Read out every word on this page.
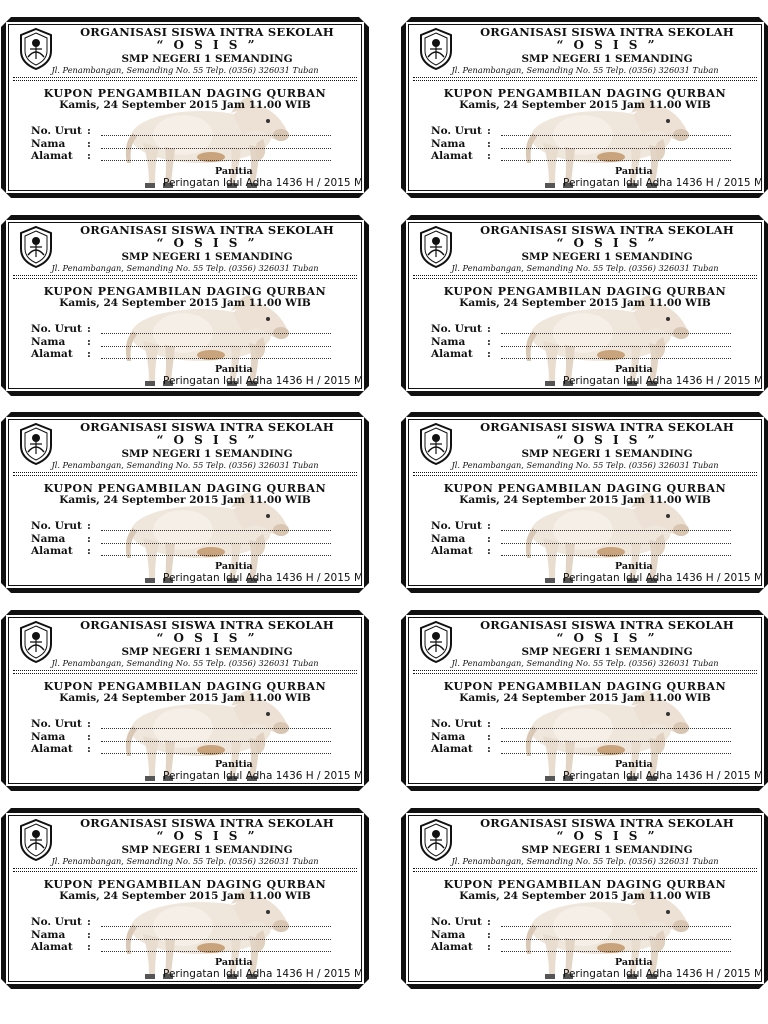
ORGANISASI SISWA INTRA SEKOLAH
“ O S I S ”
SMP NEGERI 1 SEMANDING
Jl. Penambangan, Semanding No. 55 Telp. (0356) 326031 Tuban
KUPON PENGAMBILAN DAGING QURBAN
Kamis, 24 September 2015 Jam 11.00 WIB
No. Urut :
Nama :
Alamat :
Panitia
Peringatan Idul Adha 1436 H / 2015 M
ORGANISASI SISWA INTRA SEKOLAH
“ O S I S ”
SMP NEGERI 1 SEMANDING
Jl. Penambangan, Semanding No. 55 Telp. (0356) 326031 Tuban
KUPON PENGAMBILAN DAGING QURBAN
Kamis, 24 September 2015 Jam 11.00 WIB
No. Urut :
Nama :
Alamat :
Panitia
Peringatan Idul Adha 1436 H / 2015 M
ORGANISASI SISWA INTRA SEKOLAH
“ O S I S ”
SMP NEGERI 1 SEMANDING
Jl. Penambangan, Semanding No. 55 Telp. (0356) 326031 Tuban
KUPON PENGAMBILAN DAGING QURBAN
Kamis, 24 September 2015 Jam 11.00 WIB
No. Urut :
Nama :
Alamat :
Panitia
Peringatan Idul Adha 1436 H / 2015 M
ORGANISASI SISWA INTRA SEKOLAH
“ O S I S ”
SMP NEGERI 1 SEMANDING
Jl. Penambangan, Semanding No. 55 Telp. (0356) 326031 Tuban
KUPON PENGAMBILAN DAGING QURBAN
Kamis, 24 September 2015 Jam 11.00 WIB
No. Urut :
Nama :
Alamat :
Panitia
Peringatan Idul Adha 1436 H / 2015 M
ORGANISASI SISWA INTRA SEKOLAH
“ O S I S ”
SMP NEGERI 1 SEMANDING
Jl. Penambangan, Semanding No. 55 Telp. (0356) 326031 Tuban
KUPON PENGAMBILAN DAGING QURBAN
Kamis, 24 September 2015 Jam 11.00 WIB
No. Urut :
Nama :
Alamat :
Panitia
Peringatan Idul Adha 1436 H / 2015 M
ORGANISASI SISWA INTRA SEKOLAH
“ O S I S ”
SMP NEGERI 1 SEMANDING
Jl. Penambangan, Semanding No. 55 Telp. (0356) 326031 Tuban
KUPON PENGAMBILAN DAGING QURBAN
Kamis, 24 September 2015 Jam 11.00 WIB
No. Urut :
Nama :
Alamat :
Panitia
Peringatan Idul Adha 1436 H / 2015 M
ORGANISASI SISWA INTRA SEKOLAH
“ O S I S ”
SMP NEGERI 1 SEMANDING
Jl. Penambangan, Semanding No. 55 Telp. (0356) 326031 Tuban
KUPON PENGAMBILAN DAGING QURBAN
Kamis, 24 September 2015 Jam 11.00 WIB
No. Urut :
Nama :
Alamat :
Panitia
Peringatan Idul Adha 1436 H / 2015 M
ORGANISASI SISWA INTRA SEKOLAH
“ O S I S ”
SMP NEGERI 1 SEMANDING
Jl. Penambangan, Semanding No. 55 Telp. (0356) 326031 Tuban
KUPON PENGAMBILAN DAGING QURBAN
Kamis, 24 September 2015 Jam 11.00 WIB
No. Urut :
Nama :
Alamat :
Panitia
Peringatan Idul Adha 1436 H / 2015 M
ORGANISASI SISWA INTRA SEKOLAH
“ O S I S ”
SMP NEGERI 1 SEMANDING
Jl. Penambangan, Semanding No. 55 Telp. (0356) 326031 Tuban
KUPON PENGAMBILAN DAGING QURBAN
Kamis, 24 September 2015 Jam 11.00 WIB
No. Urut :
Nama :
Alamat :
Panitia
Peringatan Idul Adha 1436 H / 2015 M
ORGANISASI SISWA INTRA SEKOLAH
“ O S I S ”
SMP NEGERI 1 SEMANDING
Jl. Penambangan, Semanding No. 55 Telp. (0356) 326031 Tuban
KUPON PENGAMBILAN DAGING QURBAN
Kamis, 24 September 2015 Jam 11.00 WIB
No. Urut :
Nama :
Alamat :
Panitia
Peringatan Idul Adha 1436 H / 2015 M
